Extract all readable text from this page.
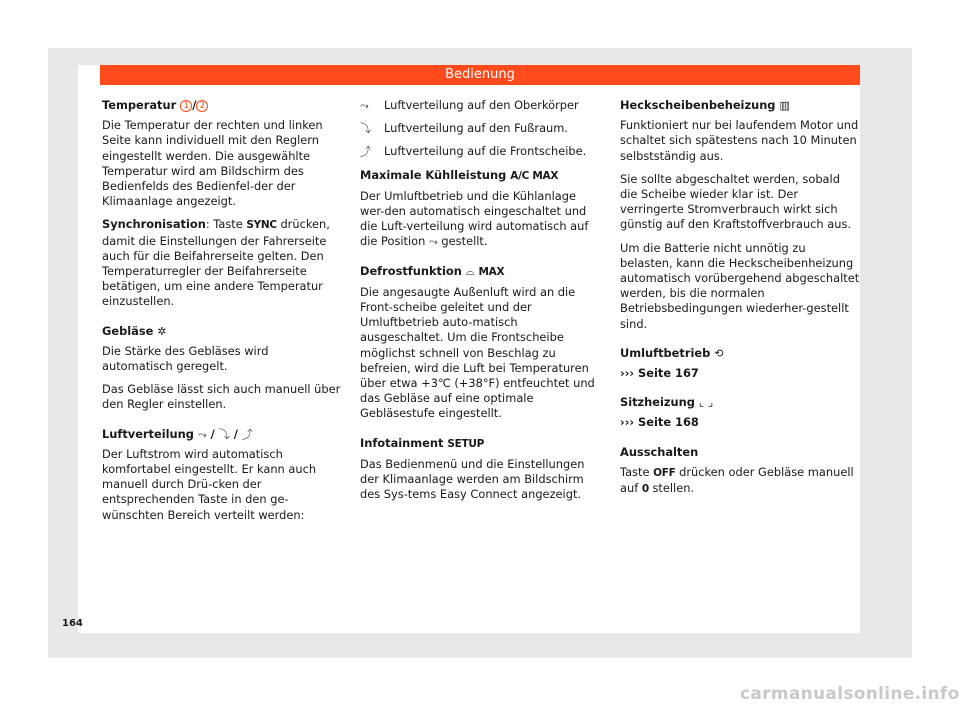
Bedienung
Temperatur 1 / 2
Die Temperatur der rechten und linken Seite kann individuell mit den Reglern eingestellt werden. Die ausgewählte Temperatur wird am Bildschirm des Bedienfelds des Bedienfel-der der Klimaanlage angezeigt.
Synchronisation: Taste SYNC drücken, damit die Einstellungen der Fahrerseite auch für die Beifahrerseite gelten. Den Temperaturregler der Beifahrerseite betätigen, um eine andere Temperatur einzustellen.
Gebläse ✲
Die Stärke des Gebläses wird automatisch geregelt.
Das Gebläse lässt sich auch manuell über den Regler einstellen.
Luftverteilung ⤳ / ⤵ / ⤴
Der Luftstrom wird automatisch komfortabel eingestellt. Er kann auch manuell durch Drü-cken der entsprechenden Taste in den ge-wünschten Bereich verteilt werden:
⤳	Luftverteilung auf den Oberkörper
⤵	Luftverteilung auf den Fußraum.
⤴	Luftverteilung auf die Frontscheibe.
Maximale Kühlleistung A/C MAX
Der Umluftbetrieb und die Kühlanlage wer-den automatisch eingeschaltet und die Luft-verteilung wird automatisch auf die Position ⤳ gestellt.
Defrostfunktion ⌓ MAX
Die angesaugte Außenluft wird an die Front-scheibe geleitet und der Umluftbetrieb auto-matisch ausgeschaltet. Um die Frontscheibe möglichst schnell von Beschlag zu befreien, wird die Luft bei Temperaturen über etwa +3℃ (+38°F) entfeuchtet und das Gebläse auf eine optimale Gebläsestufe eingestellt.
Infotainment SETUP
Das Bedienmenü und die Einstellungen der Klimaanlage werden am Bildschirm des Sys-tems Easy Connect angezeigt.
Heckscheibenbeheizung ▥
Funktioniert nur bei laufendem Motor und schaltet sich spätestens nach 10 Minuten selbstständig aus.
Sie sollte abgeschaltet werden, sobald die Scheibe wieder klar ist. Der verringerte Stromverbrauch wirkt sich günstig auf den Kraftstoffverbrauch aus.
Um die Batterie nicht unnötig zu belasten, kann die Heckscheibenheizung automatisch vorübergehend abgeschaltet werden, bis die normalen Betriebsbedingungen wiederher-gestellt sind.
Umluftbetrieb ⟲
››› Seite 167
Sitzheizung ⌞ ⌟
››› Seite 168
Ausschalten
Taste OFF drücken oder Gebläse manuell auf 0 stellen.
164
carmanualsonline.info
